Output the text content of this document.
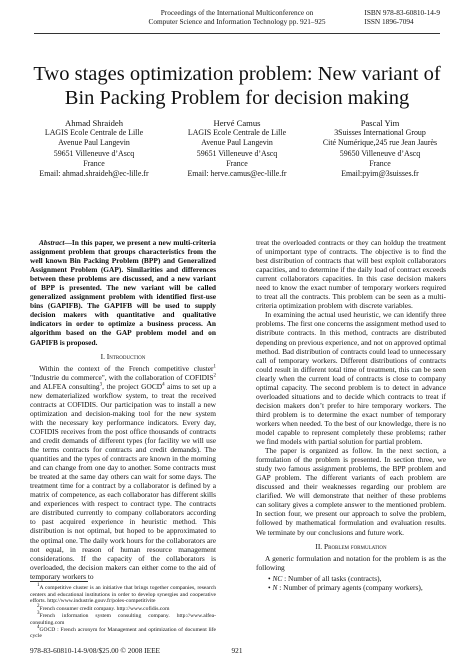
Proceedings of the International Multiconference on
Computer Science and Information Technology pp. 921–925
ISBN 978-83-60810-14-9
ISSN 1896-7094
Two stages optimization problem: New variant of
Bin Packing Problem for decision making
Ahmad Shraideh
LAGIS Ecole Centrale de Lille
Avenue Paul Langevin
59651 Villeneuve d’Ascq
France
Email: ahmad.shraideh@ec-lille.fr
Hervé Camus
LAGIS Ecole Centrale de Lille
Avenue Paul Langevin
59651 Villeneuve d’Ascq
France
Email: herve.camus@ec-lille.fr
Pascal Yim
3Suisses International Group
Cité Numérique,245 rue Jean Jaurès
59650 Villeneuve d’Ascq
France
Email:pyim@3suisses.fr

Abstract—In this paper, we present a new multi-criteria assignment problem that groups characteristics from the well known Bin Packing Problem (BPP) and Generalized Assignment Problem (GAP). Similarities and differences between these problems are discussed, and a new variant of BPP is presented. The new variant will be called generalized assignment problem with identified first-use bins (GAPIFB). The GAPIFB will be used to supply decision makers with quantitative and qualitative indicators in order to optimize a business process. An algorithm based on the GAP problem model and on GAPIFB is proposed.

I. Introduction

Within the context of the French competitive cluster$^1$ "Industrie du commerce", with the collaboration of COFIDIS$^2$ and ALFEA consulting$^3$, the project GOCD$^4$ aims to set up a new dematerialized workflow system, to treat the received contracts at COFIDIS. Our participation was to install a new optimization and decision-making tool for the new system with the necessary key performance indicators. Every day, COFIDIS receives from the post office thousands of contracts and credit demands of different types (for facility we will use the terms contracts for contracts and credit demands). The quantities and the types of contracts are known in the morning and can change from one day to another. Some contracts must be treated at the same day others can wait for some days. The treatment time for a contract by a collaborator is defined by a matrix of competence, as each collaborator has different skills and experiences with respect to contract type. The contracts are distributed currently to company collaborators according to past acquired experience in heuristic method. This distribution is not optimal, but hoped to be approximated to the optimal one. The daily work hours for the collaborators are not equal, in reason of human resource management considerations. If the capacity of the collaborators is overloaded, the decision makers can either come to the aid of temporary workers to

$^1$A competitive cluster is an initiative that brings together companies, research centers and educational institutions in order to develop synergies and cooperative efforts. http://www.industrie.gouv.fr/poles-competitivite

$^2$French consumer credit company. http://www.cofidis.com

$^3$French information system consulting company. http://www.alfea-consulting.com

$^4$GOCD : French acronym for Management and optimization of document life cycle

treat the overloaded contracts or they can holdup the treatment of unimportant type of contracts. The objective is to find the best distribution of contracts that will best exploit collaborators capacities, and to determine if the daily load of contract exceeds current collaborators capacities. In this case decision makers need to know the exact number of temporary workers required to treat all the contracts. This problem can be seen as a multi-criteria optimization problem with discrete variables.

In examining the actual used heuristic, we can identify three problems. The first one concerns the assignment method used to distribute contracts. In this method, contracts are distributed depending on previous experience, and not on approved optimal method. Bad distribution of contracts could lead to unnecessary call of temporary workers. Different distributions of contracts could result in different total time of treatment, this can be seen clearly when the current load of contracts is close to company optimal capacity. The second problem is to detect in advance overloaded situations and to decide which contracts to treat if decision makers don’t prefer to hire temporary workers. The third problem is to determine the exact number of temporary workers when needed. To the best of our knowledge, there is no model capable to represent completely these problems; rather we find models with partial solution for partial problem.

The paper is organized as follow. In the next section, a formulation of the problem is presented. In section three, we study two famous assignment problems, the BPP problem and GAP problem. The different variants of each problem are discussed and their weaknesses regarding our problem are clarified. We will demonstrate that neither of these problems can solitary gives a complete answer to the mentioned problem. In section four, we present our approach to solve the problem, followed by mathematical formulation and evaluation results. We terminate by our conclusions and future work.

II. Problem formulation

A generic formulation and notation for the problem is as the following

• NC : Number of all tasks (contracts),
• N : Number of primary agents (company workers),
921
978-83-60810-14-9/08/$25.00 © 2008 IEEE
